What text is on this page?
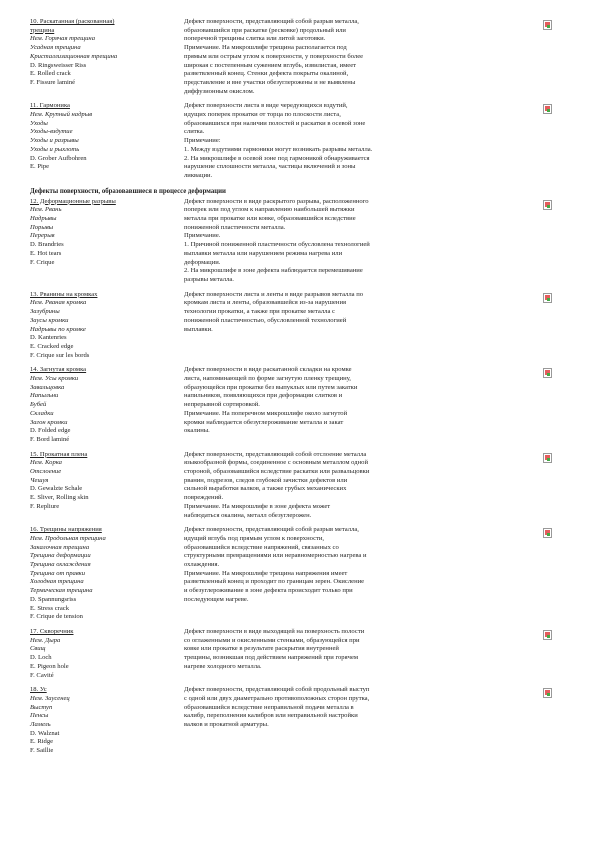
10. Раскатанная (раскованная)
трещина
Нем. Горячая трещина
Усадная трещина
Кристаллизационная трещина
D. Ringsweisser Riss
E. Rolled crack
F. Fissure laminé
Дефект поверхности, представляющий собой разрыв металла,
образовавшийся при раскатке (ресковке) продольный или
поперечной трещины слитка или литой заготовки.
Примечание. На микрошлифе трещина располагается под
прямым или острым углом к поверхности, у поверхности более
широкая с постепенным сужением вглубь, извилистая, имеет
разветвленный конец. Стенки дефекта покрыты окалиной,
представление и вне участки обезуглерожены и не выявлены
диффузионным окислом.
11. Гармоника
Нем. Крупный надрыв
Уходы
Уходы-вздутие
Уходы и разрывы
Уходы и рыхлоть
D. Grober Aufbohren
E. Pipe
Дефект поверхности листа в виде чередующихся вздутий,
идущих поперек прокатки от торца по плоскости листа,
образовавшихся при наличии полостей и раскатки в осевой зоне
слитка.
Примечание:
1. Между вздутиями гармоники могут возникать разрывы металла.
2. На микрошлифе в осевой зоне под гармоникой обнаруживается
нарушение сплошности металла, частицы включений и зоны
ликвации.
Дефекты поверхности, образовавшиеся в процессе деформации
12. Деформационные разрывы
Нем. Рвань
Надрывы
Порывы
Перерыв
D. Brandries
E. Hot tears
F. Crique
Дефект поверхности в виде раскрытого разрыва, расположенного
поперек или под углом к направлению наибольшей вытяжки
металла при прокатке или ковке, образовавшийся вследствие
пониженной пластичности металла.
Примечание.
1. Причиной пониженной пластичности обусловлена технологией
выплавки металла или нарушением режима нагрева или
деформации.
2. На микрошлифе в зоне дефекта наблюдается перемешивание
разрывы металла.
13. Рванины на кромках
Нем. Рваная кромка
Зазубрины
Заусы кромки
Надрывы по кромке
D. Kantenries
E. Cracked edge
F. Crique sur les bords
Дефект поверхности листа и ленты в виде разрывов металла по
кромкам листа и ленты, образовавшейся из-за нарушения
технологии прокатки, а также при прокатке металла с
пониженной пластичностью, обусловленной технологией
выплавки.
14. Загнутая кромка
Нем. Усы кромки
Завальцовка
Напыльни
Бубей
Складки
Загон кромки
D. Folded edge
F. Bord laminé
Дефект поверхности в виде раскатанной складки на кромке
листа, напоминающей по форме загнутую пленку трещину,
образующейся при прокатке без выпуклых или путем закатки
напильников, появляющихся при деформации слитков и
непрерывной сортировкой.
Примечание. На поперечном микрошлифе около загнутой
кромки наблюдается обезуглероживание металла и закат
окалины.
15. Прокатная плена
Нем. Корка
Отслоение
Чешуя
D. Gewalzte Schale
E. Sliver, Rolling skin
F. Repliure
Дефект поверхности, представляющий собой отслоение металла
языкообразной формы, соединенное с основным металлом одной
стороной, образовавшийся вследствие раскатки или развальцовки
рванин, подрезов, следов глубокой зачистки дефектов или
сильной выработки валков, а также грубых механических
повреждений.
Примечание. На микрошлифе в зоне дефекта может
наблюдаться окалина, металл обезуглерожен.
16. Трещины напряжения
Нем. Продольная трещина
Закалочная трещина
Трещина деформации
Трещина охлаждения
Трещина от правки
Холодная трещина
Термическая трещина
D. Spannungsriss
E. Stress crack
F. Crique de tension
Дефект поверхности, представляющий собой разрыв металла,
идущий вглубь под прямым углом к поверхности,
образовавшийся вследствие напряжений, связанных со
структурными превращениями или неравномерностью нагрева и
охлаждения.
Примечание. На микрошлифе трещина напряжения имеет
разветвленный конец и проходит по границам зерен. Окисление
и обезуглероживание в зоне дефекта происходит только при
последующем нагреве.
17. Скворечник
Нем. Дыра
Свищ
D. Loch
E. Pigeon hole
F. Cavité
Дефект поверхности в виде выходящей на поверхность полости
со оглаженными и окисленными стенками, образующейся при
ковке или прокатке в результате раскрытия внутренней
трещины, возникшая под действием напряжений при горячем
нагреве холодного металла.
18. Ус
Нем. Заусенец
Выступ
Пенсы
Ламель
D. Walznat
E. Ridge
F. Saillie
Дефект поверхности, представляющий собой продольный выступ
с одной или двух диаметрально противоположных сторон прутка,
образовавшийся вследствие неправильной подачи металла в
калибр, переполнения калибров или неправильной настройки
валков и прокатной арматуры.
